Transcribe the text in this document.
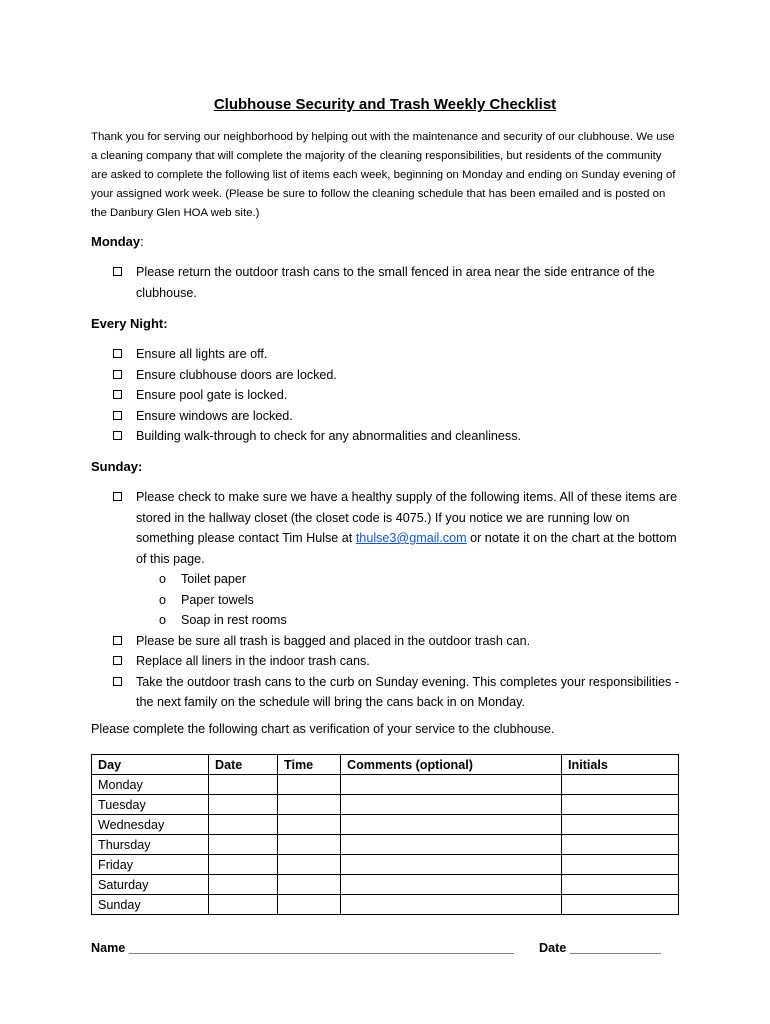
Clubhouse Security and Trash Weekly Checklist
Thank you for serving our neighborhood by helping out with the maintenance and security of our clubhouse. We use a cleaning company that will complete the majority of the cleaning responsibilities, but residents of the community are asked to complete the following list of items each week, beginning on Monday and ending on Sunday evening of your assigned work week. (Please be sure to follow the cleaning schedule that has been emailed and is posted on the Danbury Glen HOA web site.)
Monday:
Please return the outdoor trash cans to the small fenced in area near the side entrance of the clubhouse.
Every Night:
Ensure all lights are off.
Ensure clubhouse doors are locked.
Ensure pool gate is locked.
Ensure windows are locked.
Building walk-through to check for any abnormalities and cleanliness.
Sunday:
Please check to make sure we have a healthy supply of the following items. All of these items are stored in the hallway closet (the closet code is 4075.) If you notice we are running low on something please contact Tim Hulse at thulse3@gmail.com or notate it on the chart at the bottom of this page.
o Toilet paper
o Paper towels
o Soap in rest rooms
Please be sure all trash is bagged and placed in the outdoor trash can.
Replace all liners in the indoor trash cans.
Take the outdoor trash cans to the curb on Sunday evening. This completes your responsibilities - the next family on the schedule will bring the cans back in on Monday.
Please complete the following chart as verification of your service to the clubhouse.
Day	Date	Time	Comments (optional)	Initials
Monday				
Tuesday				
Wednesday				
Thursday				
Friday				
Saturday				
Sunday				
Name _______________________________________________________ Date _____________
